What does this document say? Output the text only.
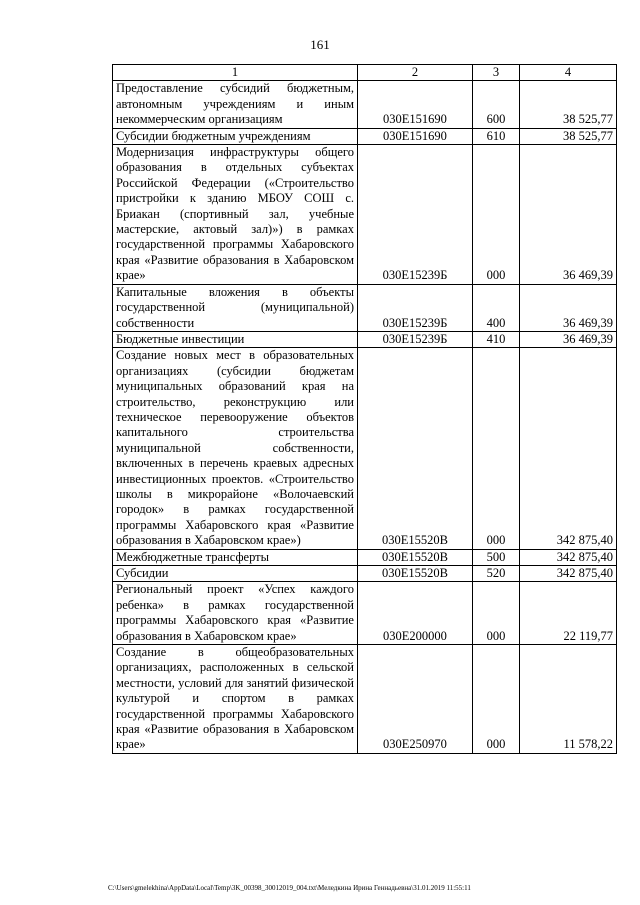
161
1	2	3	4
Предоставление субсидий бюджетным, автономным учреждениям и иным некоммерческим организациям	030E151690	600	38 525,77
Субсидии бюджетным учреждениям	030E151690	610	38 525,77
Модернизация инфраструктуры общего образования в отдельных субъектах Российской Федерации («Строительство пристройки к зданию МБОУ СОШ с. Бриакан (спортивный зал, учебные мастерские, актовый зал)») в рамках государственной программы Хабаровского края «Развитие образования в Хабаровском крае»	030E15239Б	000	36 469,39
Капитальные вложения в объекты государственной (муниципальной) собственности	030E15239Б	400	36 469,39
Бюджетные инвестиции	030E15239Б	410	36 469,39
Создание новых мест в образовательных организациях (субсидии бюджетам муниципальных образований края на строительство, реконструкцию или техническое перевооружение объектов капитального строительства муниципальной собственности, включенных в перечень краевых адресных инвестиционных проектов. «Строительство школы в микрорайоне «Волочаевский городок» в рамках государственной программы Хабаровского края «Развитие образования в Хабаровском крае»)	030E15520В	000	342 875,40
Межбюджетные трансферты	030E15520В	500	342 875,40
Субсидии	030E15520В	520	342 875,40
Региональный проект «Успех каждого ребенка» в рамках государственной программы Хабаровского края «Развитие образования в Хабаровском крае»	030E200000	000	22 119,77
Создание в общеобразовательных организациях, расположенных в сельской местности, условий для занятий физической культурой и спортом в рамках государственной программы Хабаровского края «Развитие образования в Хабаровском крае»	030E250970	000	11 578,22
C:\Users\gmelekhina\AppData\Local\Temp\3K_00398_30012019_004.txt\Меледкина Ирина Геннадьевна\31.01.2019 11:55:11
